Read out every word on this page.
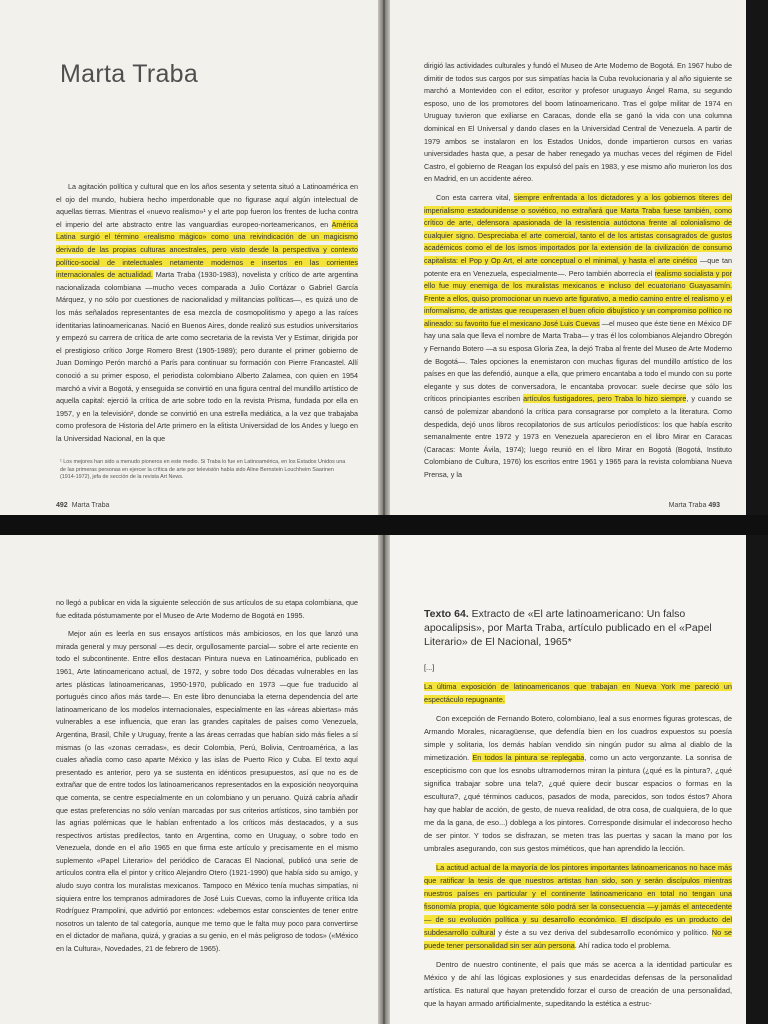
Marta Traba

La agitación política y cultural que en los años sesenta y setenta situó a Latinoamérica en el ojo del mundo, hubiera hecho imperdonable que no figurase aquí algún intelectual de aquellas tierras. Mientras el «nuevo realismo»¹ y el arte pop fueron los frentes de lucha contra el imperio del arte abstracto entre las vanguardias europeo-norteamericanos, en América Latina surgió el término «realismo mágico» como una reivindicación de un magicismo derivado de las propias culturas ancestrales, pero visto desde la perspectiva y contexto político-social de intelectuales netamente modernos e insertos en las corrientes internacionales de actualidad. Marta Traba (1930-1983), novelista y crítico de arte argentina nacionalizada colombiana —mucho veces comparada a Julio Cortázar o Gabriel García Márquez, y no sólo por cuestiones de nacionalidad y militancias políticas—, es quizá uno de los más señalados representantes de esa mezcla de cosmopolitismo y apego a las raíces identitarias latinoamericanas. Nació en Buenos Aires, donde realizó sus estudios universitarios y empezó su carrera de crítica de arte como secretaria de la revista Ver y Estimar, dirigida por el prestigioso crítico Jorge Romero Brest (1905-1989); pero durante el primer gobierno de Juan Domingo Perón marchó a París para continuar su formación con Pierre Francastel. Allí conoció a su primer esposo, el periodista colombiano Alberto Zalamea, con quien en 1954 marchó a vivir a Bogotá, y enseguida se convirtió en una figura central del mundillo artístico de aquella capital: ejerció la crítica de arte sobre todo en la revista Prisma, fundada por ella en 1957, y en la televisión², donde se convirtió en una estrella mediática, a la vez que trabajaba como profesora de Historia del Arte primero en la elitista Universidad de los Andes y luego en la Universidad Nacional, en la que

¹ Los mejores han sido a menudo pioneros en este medio. Si Traba lo fue en Latinoamérica, en los Estados Unidos una de las primeras personas en ejercer la crítica de arte por televisión había sido Aline Bernstein Louchheim Saarinen (1914-1972), jefa de sección de la revista Art News.
492 Marta Traba

dirigió las actividades culturales y fundó el Museo de Arte Moderno de Bogotá. En 1967 hubo de dimitir de todos sus cargos por sus simpatías hacia la Cuba revolucionaria y al año siguiente se marchó a Montevideo con el editor, escritor y profesor uruguayo Ángel Rama, su segundo esposo, uno de los promotores del boom latinoamericano. Tras el golpe militar de 1974 en Uruguay tuvieron que exiliarse en Caracas, donde ella se ganó la vida con una columna dominical en El Universal y dando clases en la Universidad Central de Venezuela. A partir de 1979 ambos se instalaron en los Estados Unidos, donde impartieron cursos en varias universidades hasta que, a pesar de haber renegado ya muchas veces del régimen de Fidel Castro, el gobierno de Reagan los expulsó del país en 1983, y ese mismo año murieron los dos en Madrid, en un accidente aéreo.

Con esta carrera vital, siempre enfrentada a los dictadores y a los gobiernos títeres del imperialismo estadounidense o soviético, no extrañará que Marta Traba fuese también, como crítico de arte, defensora apasionada de la resistencia autóctona frente al colonialismo de cualquier signo. Despreciaba el arte comercial, tanto el de los artistas consagrados de gustos académicos como el de los ismos importados por la extensión de la civilización de consumo capitalista: el Pop y Op Art, el arte conceptual o el minimal, y hasta el arte cinético —que tan potente era en Venezuela, especialmente—. Pero también aborrecía el realismo socialista y por ello fue muy enemiga de los muralistas mexicanos e incluso del ecuatoriano Guayasamín. Frente a ellos, quiso promocionar un nuevo arte figurativo, a medio camino entre el realismo y el informalismo, de artistas que recuperasen el buen oficio dibujístico y un compromiso político no alineado: su favorito fue el mexicano José Luis Cuevas —el museo que éste tiene en México DF hay una sala que lleva el nombre de Marta Traba— y tras él los colombianos Alejandro Obregón y Fernando Botero —a su esposa Gloria Zea, la dejó Traba al frente del Museo de Arte Moderno de Bogotá—. Tales opciones la enemistaron con muchas figuras del mundillo artístico de los países en que las defendió, aunque a ella, que primero encantaba a todo el mundo con su porte elegante y sus dotes de conversadora, le encantaba provocar: suele decirse que sólo los críticos principiantes escriben artículos fustigadores, pero Traba lo hizo siempre, y cuando se cansó de polemizar abandonó la crítica para consagrarse por completo a la literatura. Como despedida, dejó unos libros recopilatorios de sus artículos periodísticos: los que había escrito semanalmente entre 1972 y 1973 en Venezuela aparecieron en el libro Mirar en Caracas (Caracas: Monte Ávila, 1974); luego reunió en el libro Mirar en Bogotá (Bogotá, Instituto Colombiano de Cultura, 1976) los escritos entre 1961 y 1965 para la revista colombiana Nueva Prensa, y la

Marta Traba 493

no llegó a publicar en vida la siguiente selección de sus artículos de su etapa colombiana, que fue editada póstumamente por el Museo de Arte Moderno de Bogotá en 1995.

Mejor aún es leerla en sus ensayos artísticos más ambiciosos, en los que lanzó una mirada general y muy personal —es decir, orgullosamente parcial— sobre el arte reciente en todo el subcontinente. Entre ellos destacan Pintura nueva en Latinoamérica, publicado en 1961, Arte latinoamericano actual, de 1972, y sobre todo Dos décadas vulnerables en las artes plásticas latinoamericanas, 1950-1970, publicado en 1973 —que fue traducido al portugués cinco años más tarde—. En este libro denunciaba la eterna dependencia del arte latinoamericano de los modelos internacionales, especialmente en las «áreas abiertas» más vulnerables a ese influencia, que eran las grandes capitales de países como Venezuela, Argentina, Brasil, Chile y Uruguay, frente a las áreas cerradas que habían sido más fieles a sí mismas (o las «zonas cerradas», es decir Colombia, Perú, Bolivia, Centroamérica, a las cuales añadía como caso aparte México y las islas de Puerto Rico y Cuba. El texto aquí presentado es anterior, pero ya se sustenta en idénticos presupuestos, así que no es de extrañar que de entre todos los latinoamericanos representados en la exposición neoyorquina que comenta, se centre especialmente en un colombiano y un peruano. Quizá cabría añadir que estas preferencias no sólo venían marcadas por sus criterios artísticos, sino también por las agrias polémicas que le habían enfrentado a los críticos más destacados, y a sus respectivos artistas predilectos, tanto en Argentina, como en Uruguay, o sobre todo en Venezuela, donde en el año 1965 en que firma este artículo y precisamente en el mismo suplemento «Papel Literario» del periódico de Caracas El Nacional, publicó una serie de artículos contra ella el pintor y crítico Alejandro Otero (1921-1990) que había sido su amigo, y aludo suyo contra los muralistas mexicanos. Tampoco en México tenía muchas simpatías, ni siquiera entre los tempranos admiradores de José Luis Cuevas, como la influyente crítica Ida Rodríguez Prampolini, que advirtió por entonces: «debemos estar conscientes de tener entre nosotros un talento de tal categoría, aunque me temo que le falta muy poco para convertirse en el dictador de mañana, quizá, y gracias a su genio, en el más peligroso de todos» («México en la Cultura», Novedades, 21 de febrero de 1965).

Texto 64. Extracto de «El arte latinoamericano: Un falso apocalipsis», por Marta Traba, artículo publicado en el «Papel Literario» de El Nacional, 1965*
[...]

La última exposición de latinoamericanos que trabajan en Nueva York me pareció un espectáculo repugnante.

Con excepción de Fernando Botero, colombiano, leal a sus enormes figuras grotescas, de Armando Morales, nicaragüense, que defendía bien en los cuadros expuestos su poesía simple y solitaria, los demás habían vendido sin ningún pudor su alma al diablo de la mimetización. En todos la pintura se replegaba, como un acto vergonzante. La sonrisa de escepticismo con que los esnobs ultramodernos miran la pintura (¿qué es la pintura?, ¿qué significa trabajar sobre una tela?, ¿qué quiere decir buscar espacios o formas en la escultura?, ¿qué términos caducos, pasados de moda, parecidos, son todos éstos? Ahora hay que hablar de acción, de gesto, de nueva realidad, de otra cosa, de cualquiera, de lo que me da la gana, de eso...) doblega a los pintores. Corresponde disimular el indecoroso hecho de ser pintor. Y todos se disfrazan, se meten tras las puertas y sacan la mano por los umbrales asegurando, con sus gestos miméticos, que han aprendido la lección.

La actitud actual de la mayoría de los pintores importantes latinoamericanos no hace más que ratificar la tesis de que nuestros artistas han sido, son y serán discípulos mientras nuestros países en particular y el continente latinoamericano en total no tengan una fisonomía propia, que lógicamente sólo podrá ser la consecuencia —y jamás el antecedente— de su evolución política y su desarrollo económico. El discípulo es un producto del subdesarrollo cultural y éste a su vez deriva del subdesarrollo económico y político. No se puede tener personalidad sin ser aún persona. Ahí radica todo el problema.

Dentro de nuestro continente, el país que más se acerca a la identidad particular es México y de ahí las lógicas explosiones y sus enardecidas defensas de la personalidad artística. Es natural que hayan pretendido forzar el curso de creación de una personalidad, que la hayan armado artificialmente, supeditando la estética a estruc-
